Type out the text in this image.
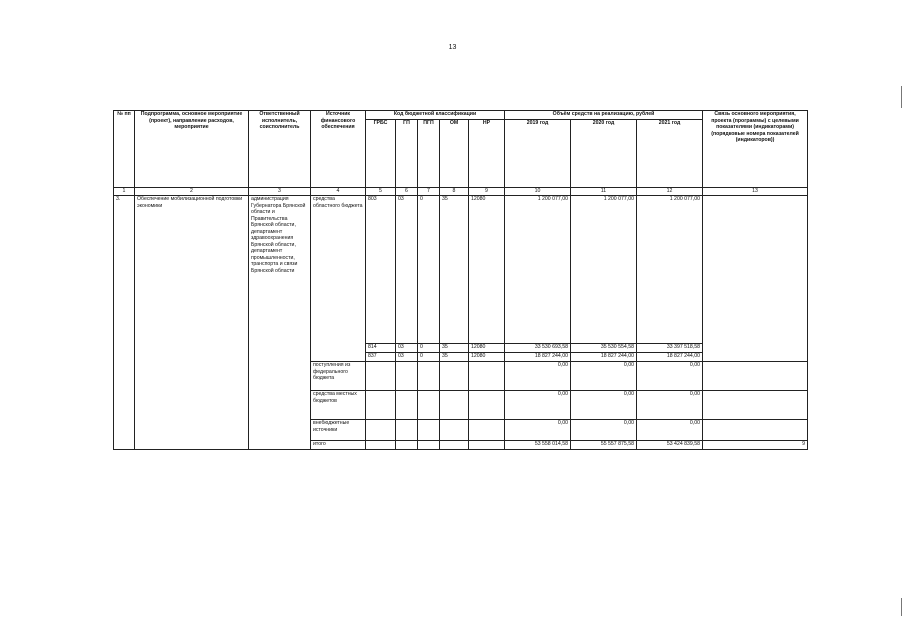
13
№ пп	Подпрограмма, основное мероприятие (проект), направление расходов, мероприятие	Ответственный исполнитель, соисполнитель	Источник финансового обеспечения	Код бюджетной классификации					Объём средств на реализацию, рублей			Связь основного мероприятия, проекта (программы) с целевыми показателями (индикаторами) (порядковые номера показателей (индикаторов))
				ГРБС	ГП	ПГП	ОМ	НР	2019 год	2020 год	2021 год	
1	2	3	4	5	6	7	8	9	10	11	12	13
3.	Обеспечение мобилизационной подготовки экономики	администрация Губернатора Брянской области и Правительства Брянской области, департамент здравоохранения Брянской области, департамент промышленности, транспорта и связи Брянской области	средства областного бюджета	803	03	0	35	12080	1 200 077,00	1 200 077,00	1 200 077,00	
				814	03	0	35	12080	33 530 693,58	35 530 554,58	33 397 518,58	
				837	03	0	35	12080	18 827 244,00	18 827 244,00	18 827 244,00	
			поступления из федерального бюджета						0,00	0,00	0,00	
			средства местных бюджетов						0,00	0,00	0,00	
			внебюджетные источники						0,00	0,00	0,00	
			итого						53 558 014,58	55 557 875,58	53 424 839,58	9
